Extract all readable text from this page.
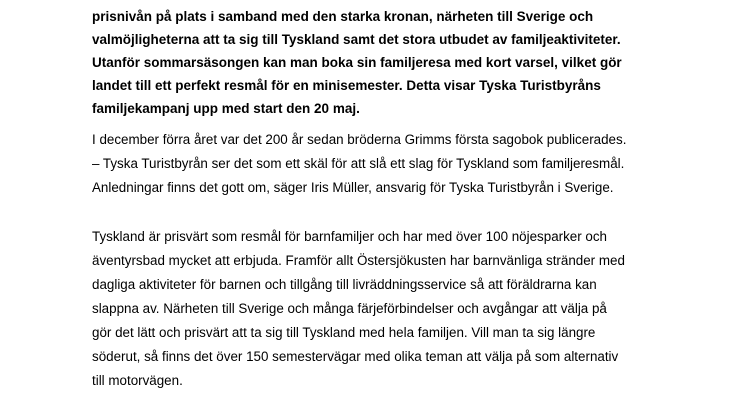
prisnivån på plats i samband med den starka kronan, närheten till Sverige och
valmöjligheterna att ta sig till Tyskland samt det stora utbudet av familjeaktiviteter.
Utanför sommarsäsongen kan man boka sin familjeresa med kort varsel, vilket gör
landet till ett perfekt resmål för en minisemester. Detta visar Tyska Turistbyråns
familjekampanj upp med start den 20 maj.
I december förra året var det 200 år sedan bröderna Grimms första sagobok publicerades.
– Tyska Turistbyrån ser det som ett skäl för att slå ett slag för Tyskland som familjeresmål.
Anledningar finns det gott om, säger Iris Müller, ansvarig för Tyska Turistbyrån i Sverige.
Tyskland är prisvärt som resmål för barnfamiljer och har med över 100 nöjesparker och
äventyrsbad mycket att erbjuda. Framför allt Östersjökusten har barnvänliga stränder med
dagliga aktiviteter för barnen och tillgång till livräddningsservice så att föräldrarna kan
slappna av. Närheten till Sverige och många färjeförbindelser och avgångar att välja på
gör det lätt och prisvärt att ta sig till Tyskland med hela familjen. Vill man ta sig längre
söderut, så finns det över 150 semestervägar med olika teman att välja på som alternativ
till motorvägen.
